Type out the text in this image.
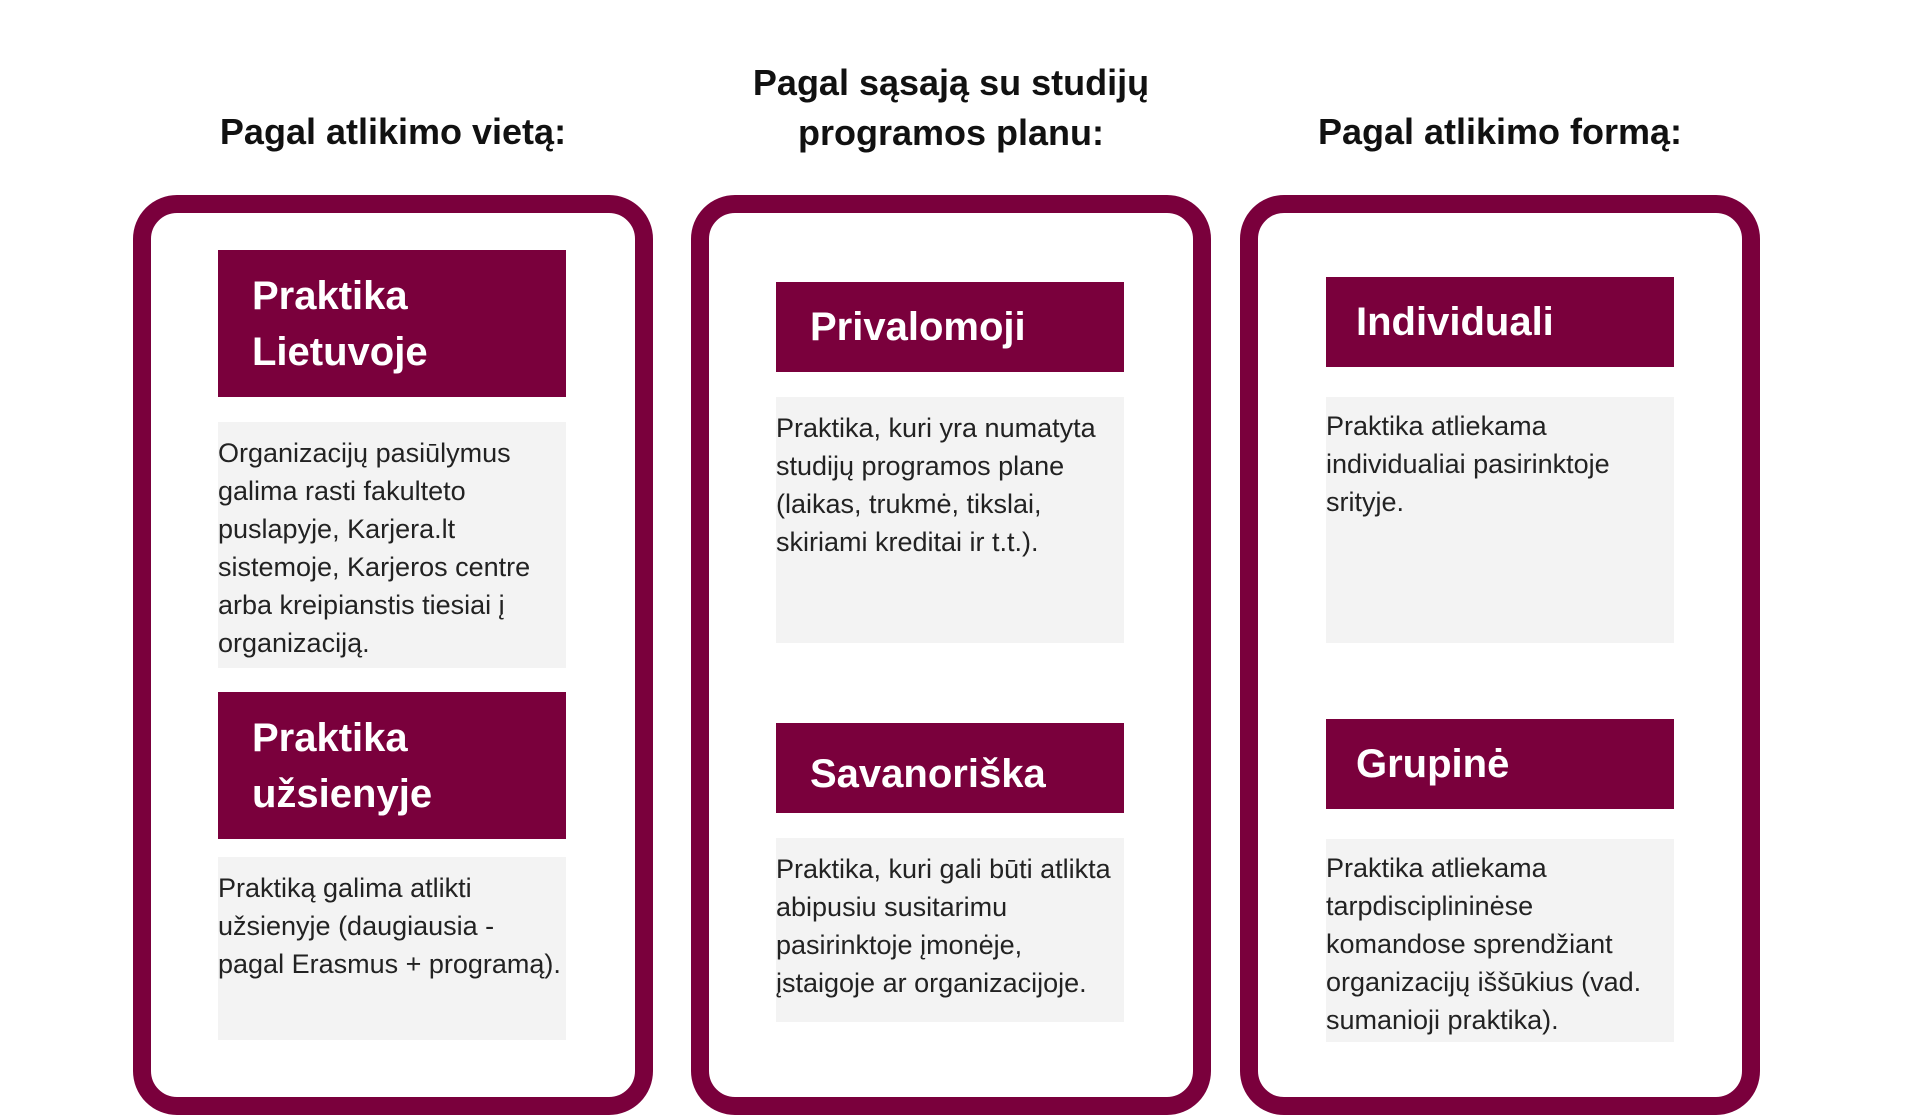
Pagal atlikimo vietą:
Praktika Lietuvoje
Organizacijų pasiūlymus galima rasti fakulteto puslapyje, Karjera.lt sistemoje, Karjeros centre arba kreipianstis tiesiai į organizaciją.
Praktika užsienyje
Praktiką galima atlikti užsienyje (daugiausia - pagal Erasmus + programą).
Pagal sąsają su studijų programos planu:
Privalomoji
Praktika, kuri yra numatyta studijų programos plane (laikas, trukmė, tikslai, skiriami kreditai ir t.t.).
Savanoriška
Praktika, kuri gali būti atlikta abipusiu susitarimu pasirinktoje įmonėje, įstaigoje ar organizacijoje.
Pagal atlikimo formą:
Individuali
Praktika atliekama individualiai pasirinktoje srityje.
Grupinė
Praktika atliekama tarpdisciplininėse komandose sprendžiant organizacijų iššūkius (vad. sumanioji praktika).
